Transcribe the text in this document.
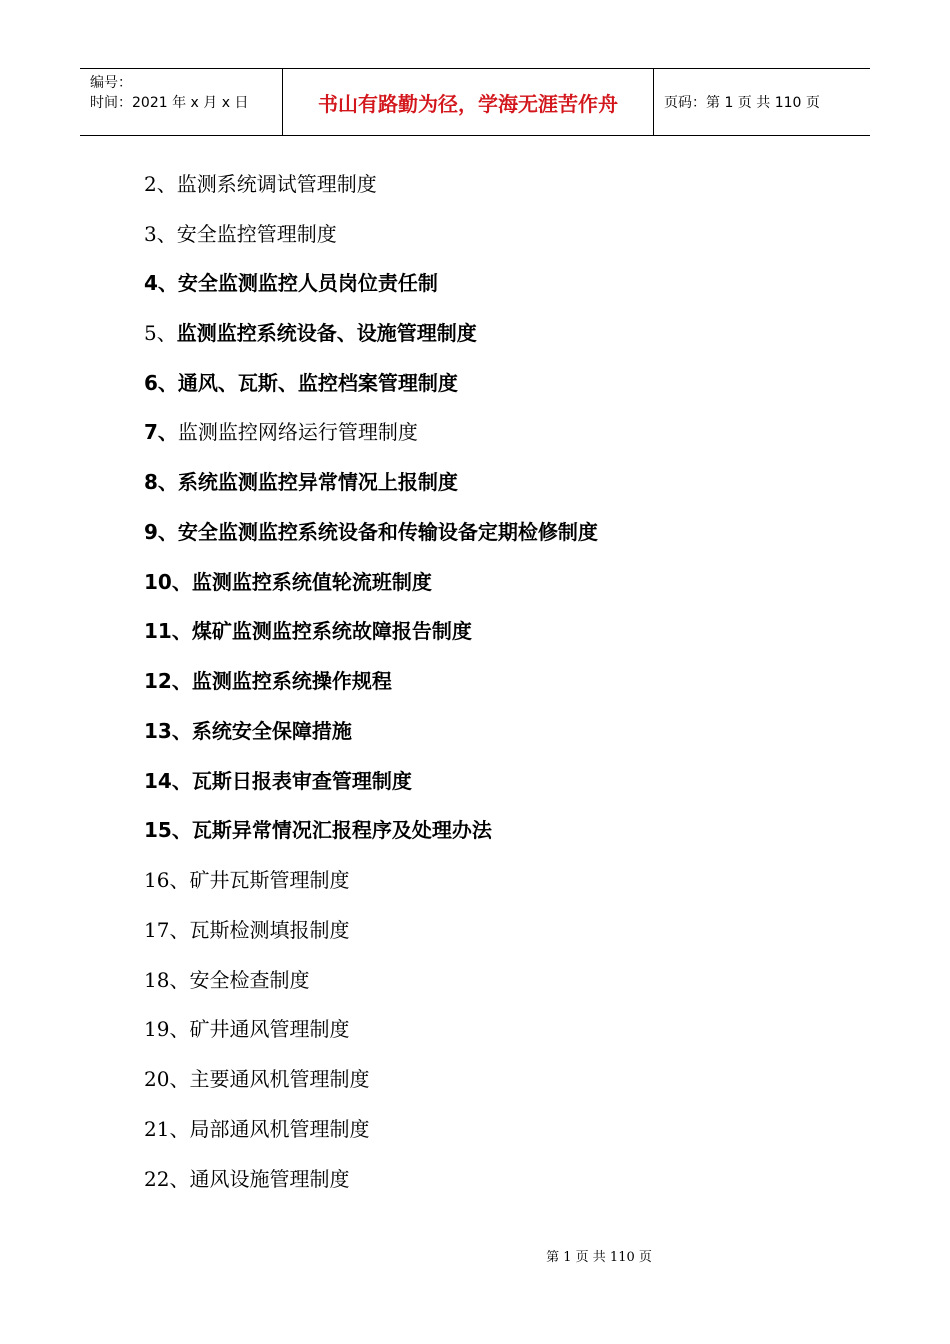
编号：
时间：2021 年 x 月 x 日	书山有路勤为径，学海无涯苦作舟	页码：第 1 页 共 110 页
2、监测系统调试管理制度
3、安全监控管理制度
4、安全监测监控人员岗位责任制
5、监测监控系统设备、设施管理制度
6、通风、瓦斯、监控档案管理制度
7、监测监控网络运行管理制度
8、系统监测监控异常情况上报制度
9、安全监测监控系统设备和传输设备定期检修制度
10、监测监控系统值轮流班制度
11、煤矿监测监控系统故障报告制度
12、监测监控系统操作规程
13、系统安全保障措施
14、瓦斯日报表审查管理制度
15、瓦斯异常情况汇报程序及处理办法
16、矿井瓦斯管理制度
17、瓦斯检测填报制度
18、安全检查制度
19、矿井通风管理制度
20、主要通风机管理制度
21、局部通风机管理制度
22、通风设施管理制度
第 1 页 共 110 页
